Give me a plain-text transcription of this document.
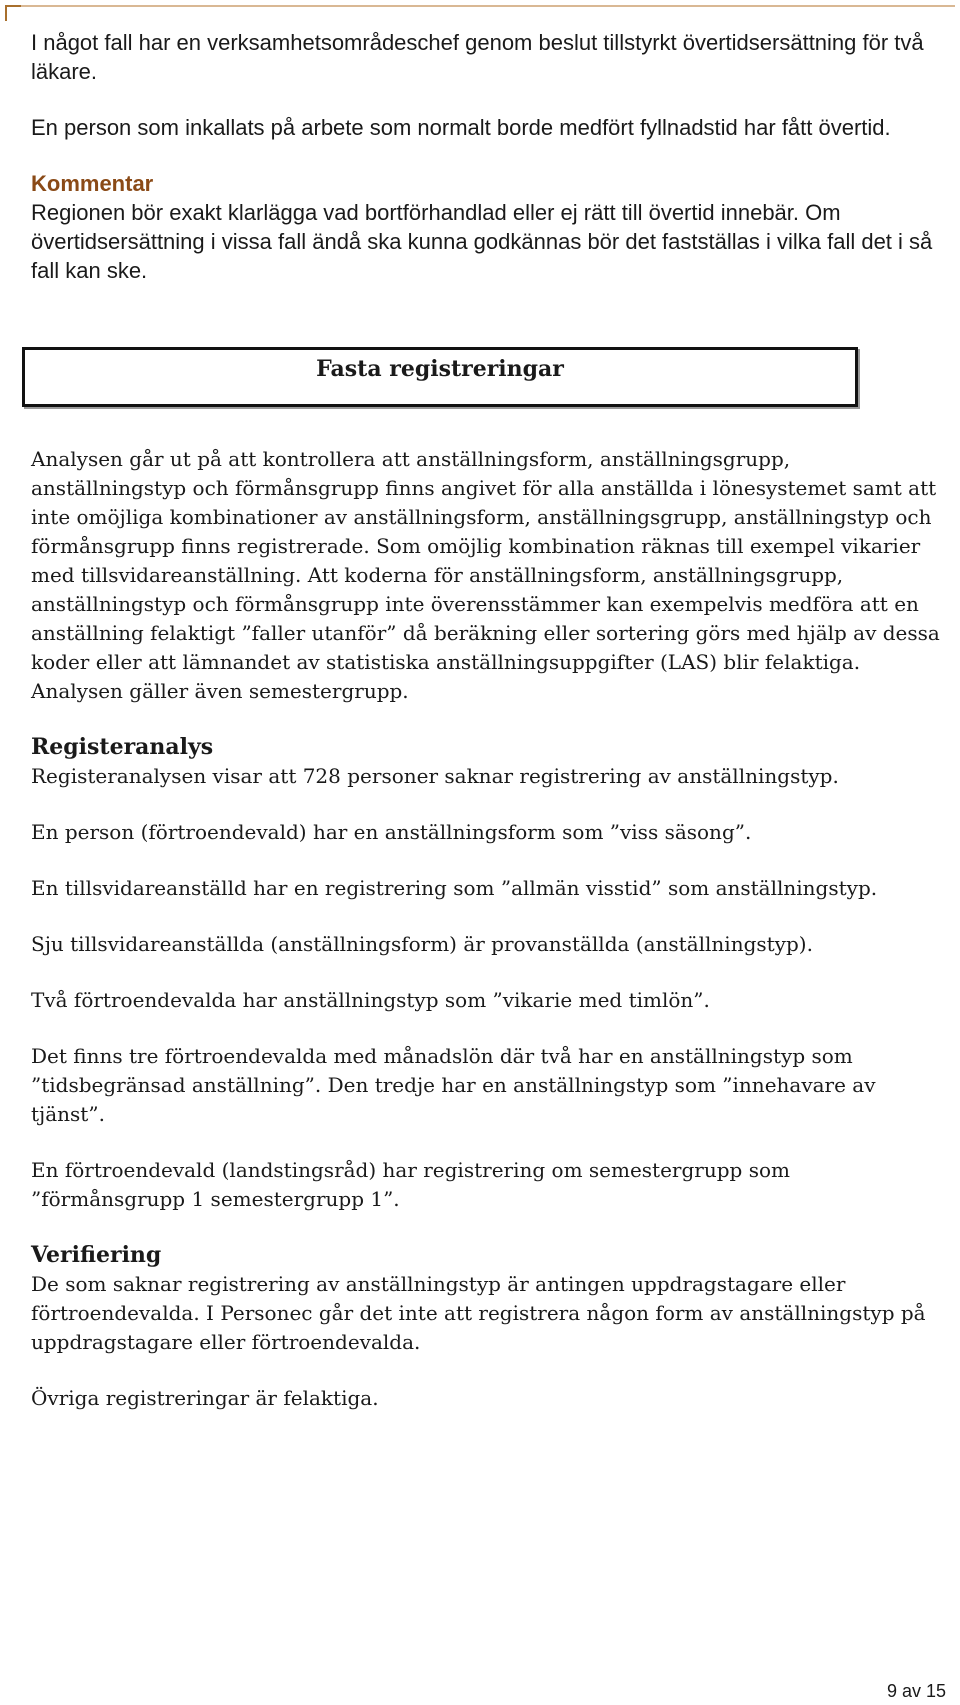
I något fall har en verksamhetsområdeschef genom beslut tillstyrkt övertidsersättning för två läkare.

En person som inkallats på arbete som normalt borde medfört fyllnadstid har fått övertid.

Kommentar

Regionen bör exakt klarlägga vad bortförhandlad eller ej rätt till övertid innebär. Om övertidsersättning i vissa fall ändå ska kunna godkännas bör det fastställas i vilka fall det i så fall kan ske.

Fasta registreringar

Analysen går ut på att kontrollera att anställningsform, anställningsgrupp, anställningstyp och förmånsgrupp finns angivet för alla anställda i lönesystemet samt att inte omöjliga kombinationer av anställningsform, anställningsgrupp, anställningstyp och förmånsgrupp finns registrerade. Som omöjlig kombination räknas till exempel vikarier med tillsvidareanställning. Att koderna för anställningsform, anställningsgrupp, anställningstyp och förmånsgrupp inte överensstämmer kan exempelvis medföra att en anställning felaktigt ”faller utanför” då beräkning eller sortering görs med hjälp av dessa koder eller att lämnandet av statistiska anställningsuppgifter (LAS) blir felaktiga. Analysen gäller även semestergrupp.

Registeranalys

Registeranalysen visar att 728 personer saknar registrering av anställningstyp.

En person (förtroendevald) har en anställningsform som ”viss säsong”.

En tillsvidareanställd har en registrering som ”allmän visstid” som anställningstyp.

Sju tillsvidareanställda (anställningsform) är provanställda (anställningstyp).

Två förtroendevalda har anställningstyp som ”vikarie med timlön”.

Det finns tre förtroendevalda med månadslön där två har en anställningstyp som ”tidsbegränsad anställning”. Den tredje har en anställningstyp som ”innehavare av tjänst”.

En förtroendevald (landstingsråd) har registrering om semestergrupp som ”förmånsgrupp 1 semestergrupp 1”.

Verifiering

De som saknar registrering av anställningstyp är antingen uppdragstagare eller förtroendevalda. I Personec går det inte att registrera någon form av anställningstyp på uppdragstagare eller förtroendevalda.

Övriga registreringar är felaktiga.

9 av 15
